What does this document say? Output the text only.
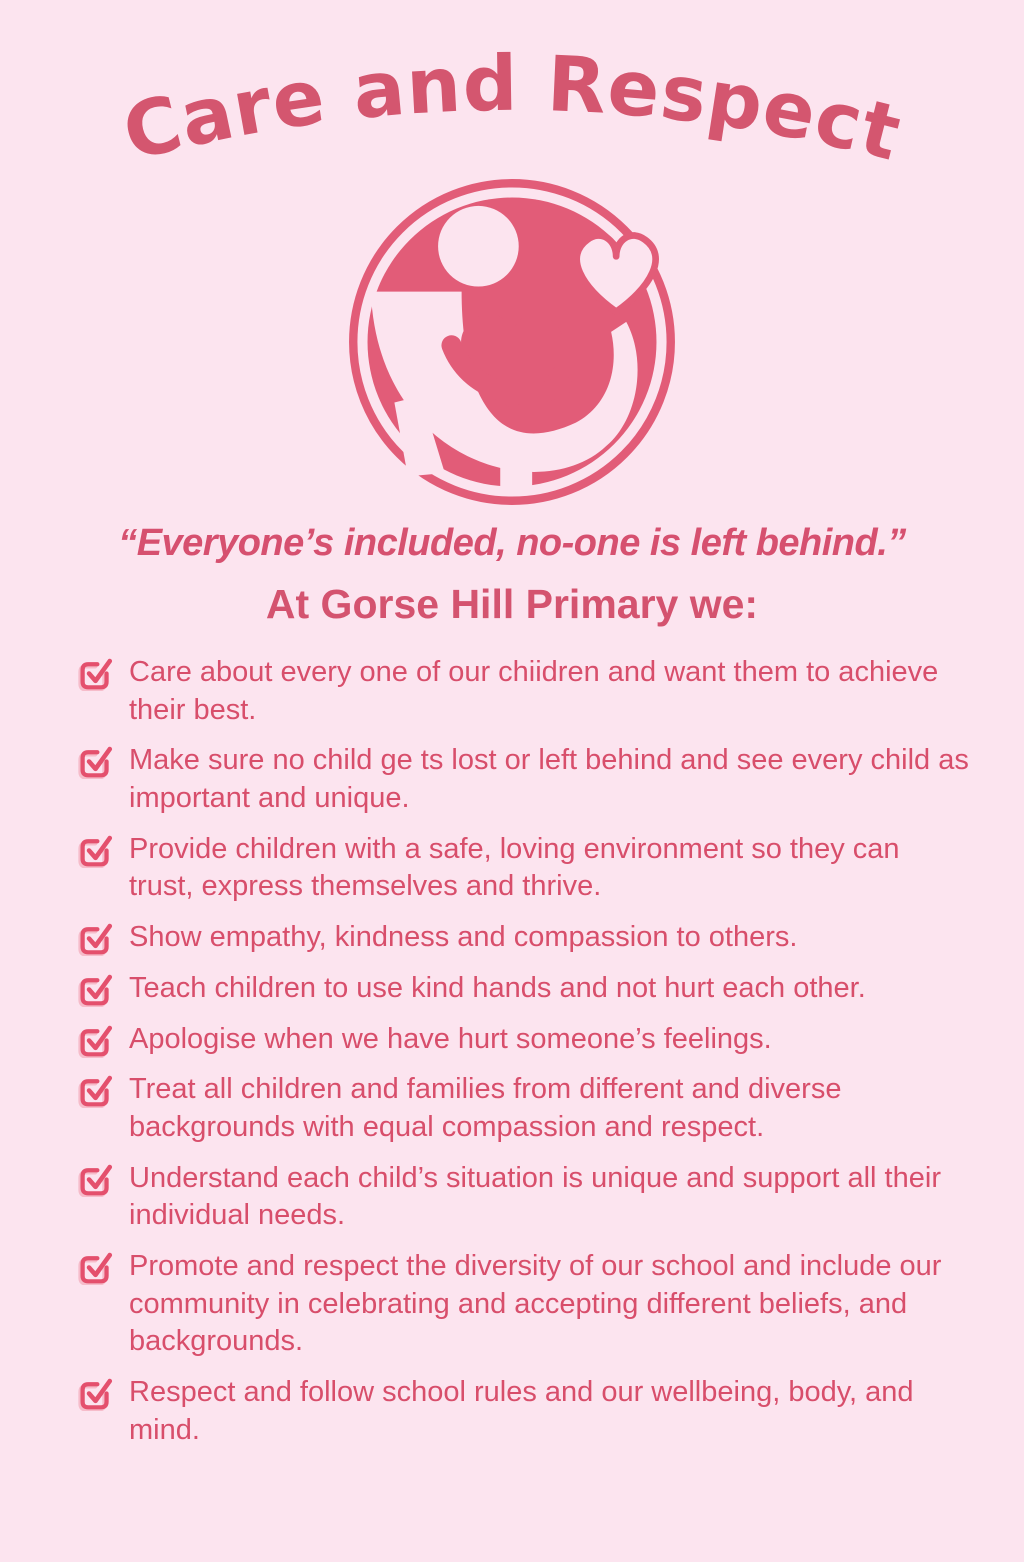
Care and Respect

“Everyone’s included, no-one is left behind.”

At Gorse Hill Primary we:
Care about every one of our chiidren and want them to achieve their best.
Make sure no child ge ts lost or left behind and see every child as important and unique.
Provide children with a safe, loving environment so they can trust, express themselves and thrive.
Show empathy, kindness and compassion to others.
Teach children to use kind hands and not hurt each other.
Apologise when we have hurt someone’s feelings.
Treat all children and families from different and diverse backgrounds with equal compassion and respect.
Understand each child’s situation is unique and support all their individual needs.
Promote and respect the diversity of our school and include our community in celebrating and accepting different beliefs, and backgrounds.
Respect and follow school rules and our wellbeing, body, and mind.
